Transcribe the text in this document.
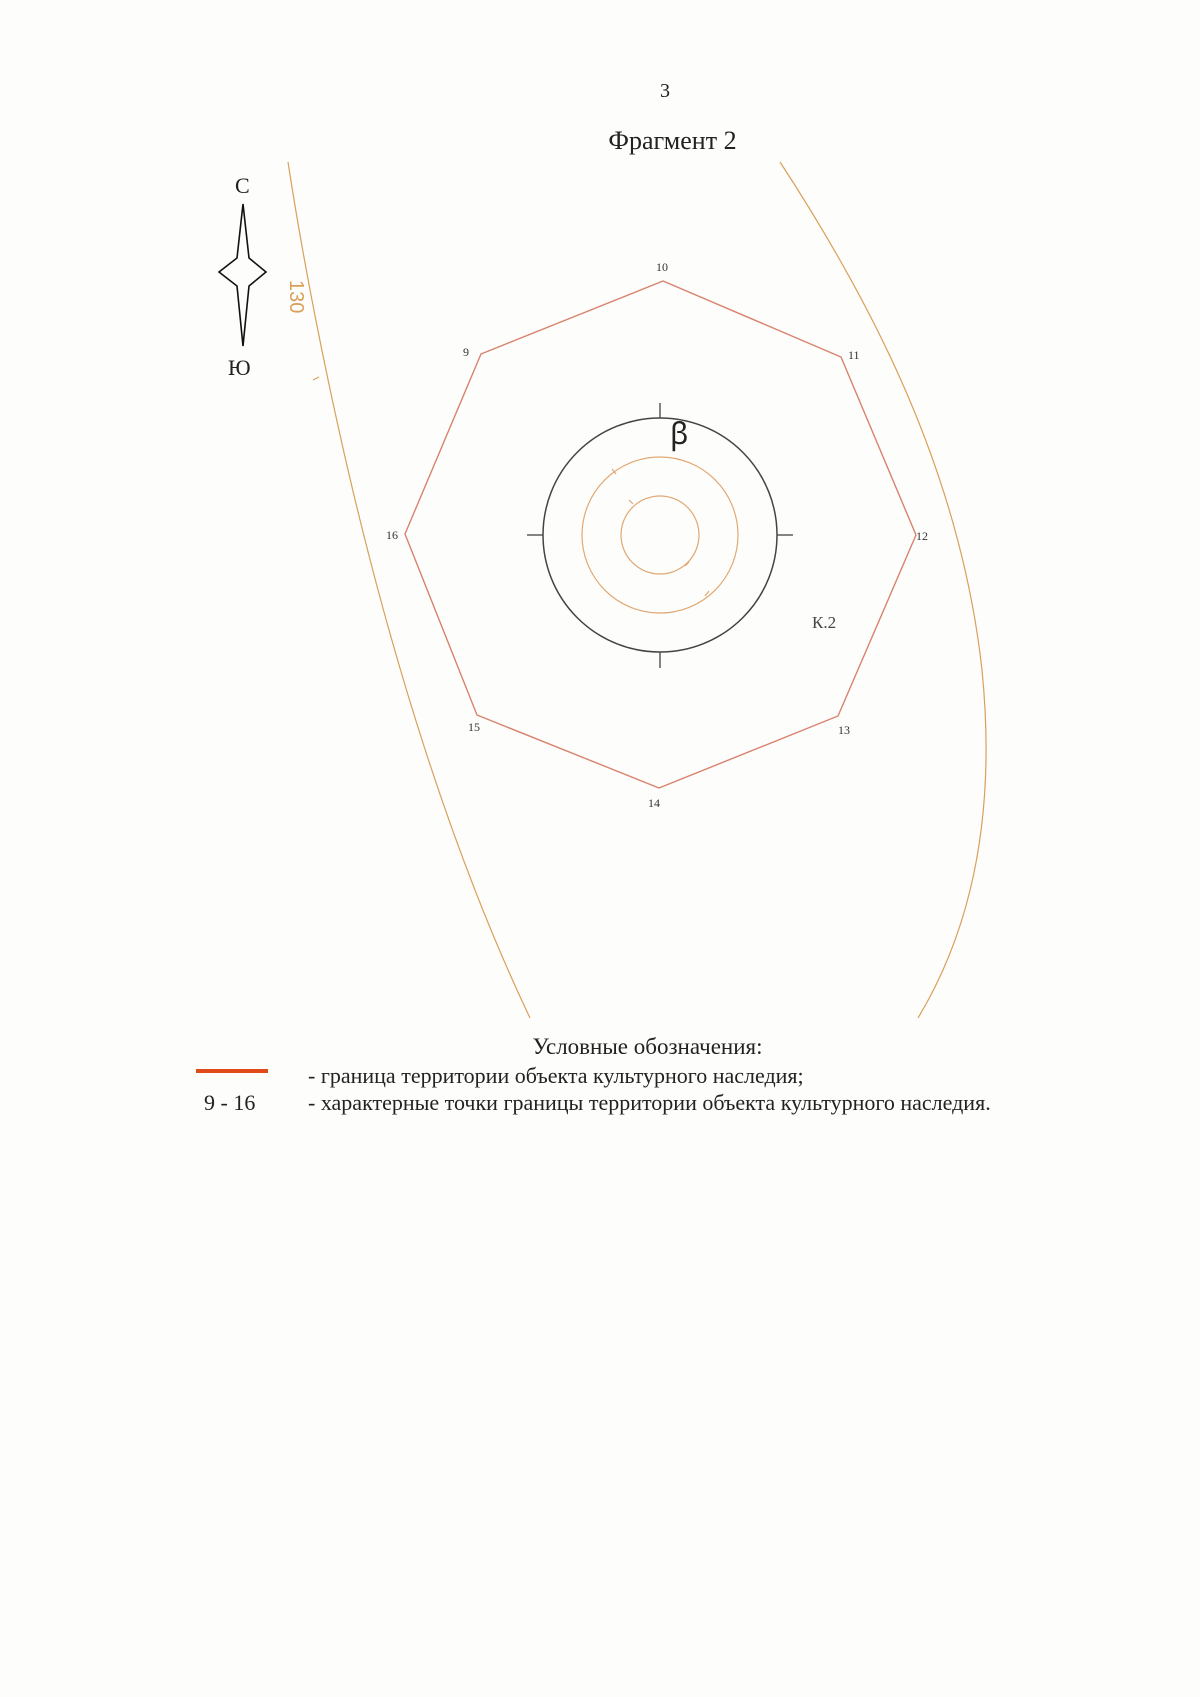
3
Фрагмент 2
С
Ю
130
9
10
11
12
13
14
15
16
ꞵ
К.2
Условные обозначения:
- граница территории объекта культурного наследия;
9 - 16 - характерные точки границы территории объекта культурного наследия.
